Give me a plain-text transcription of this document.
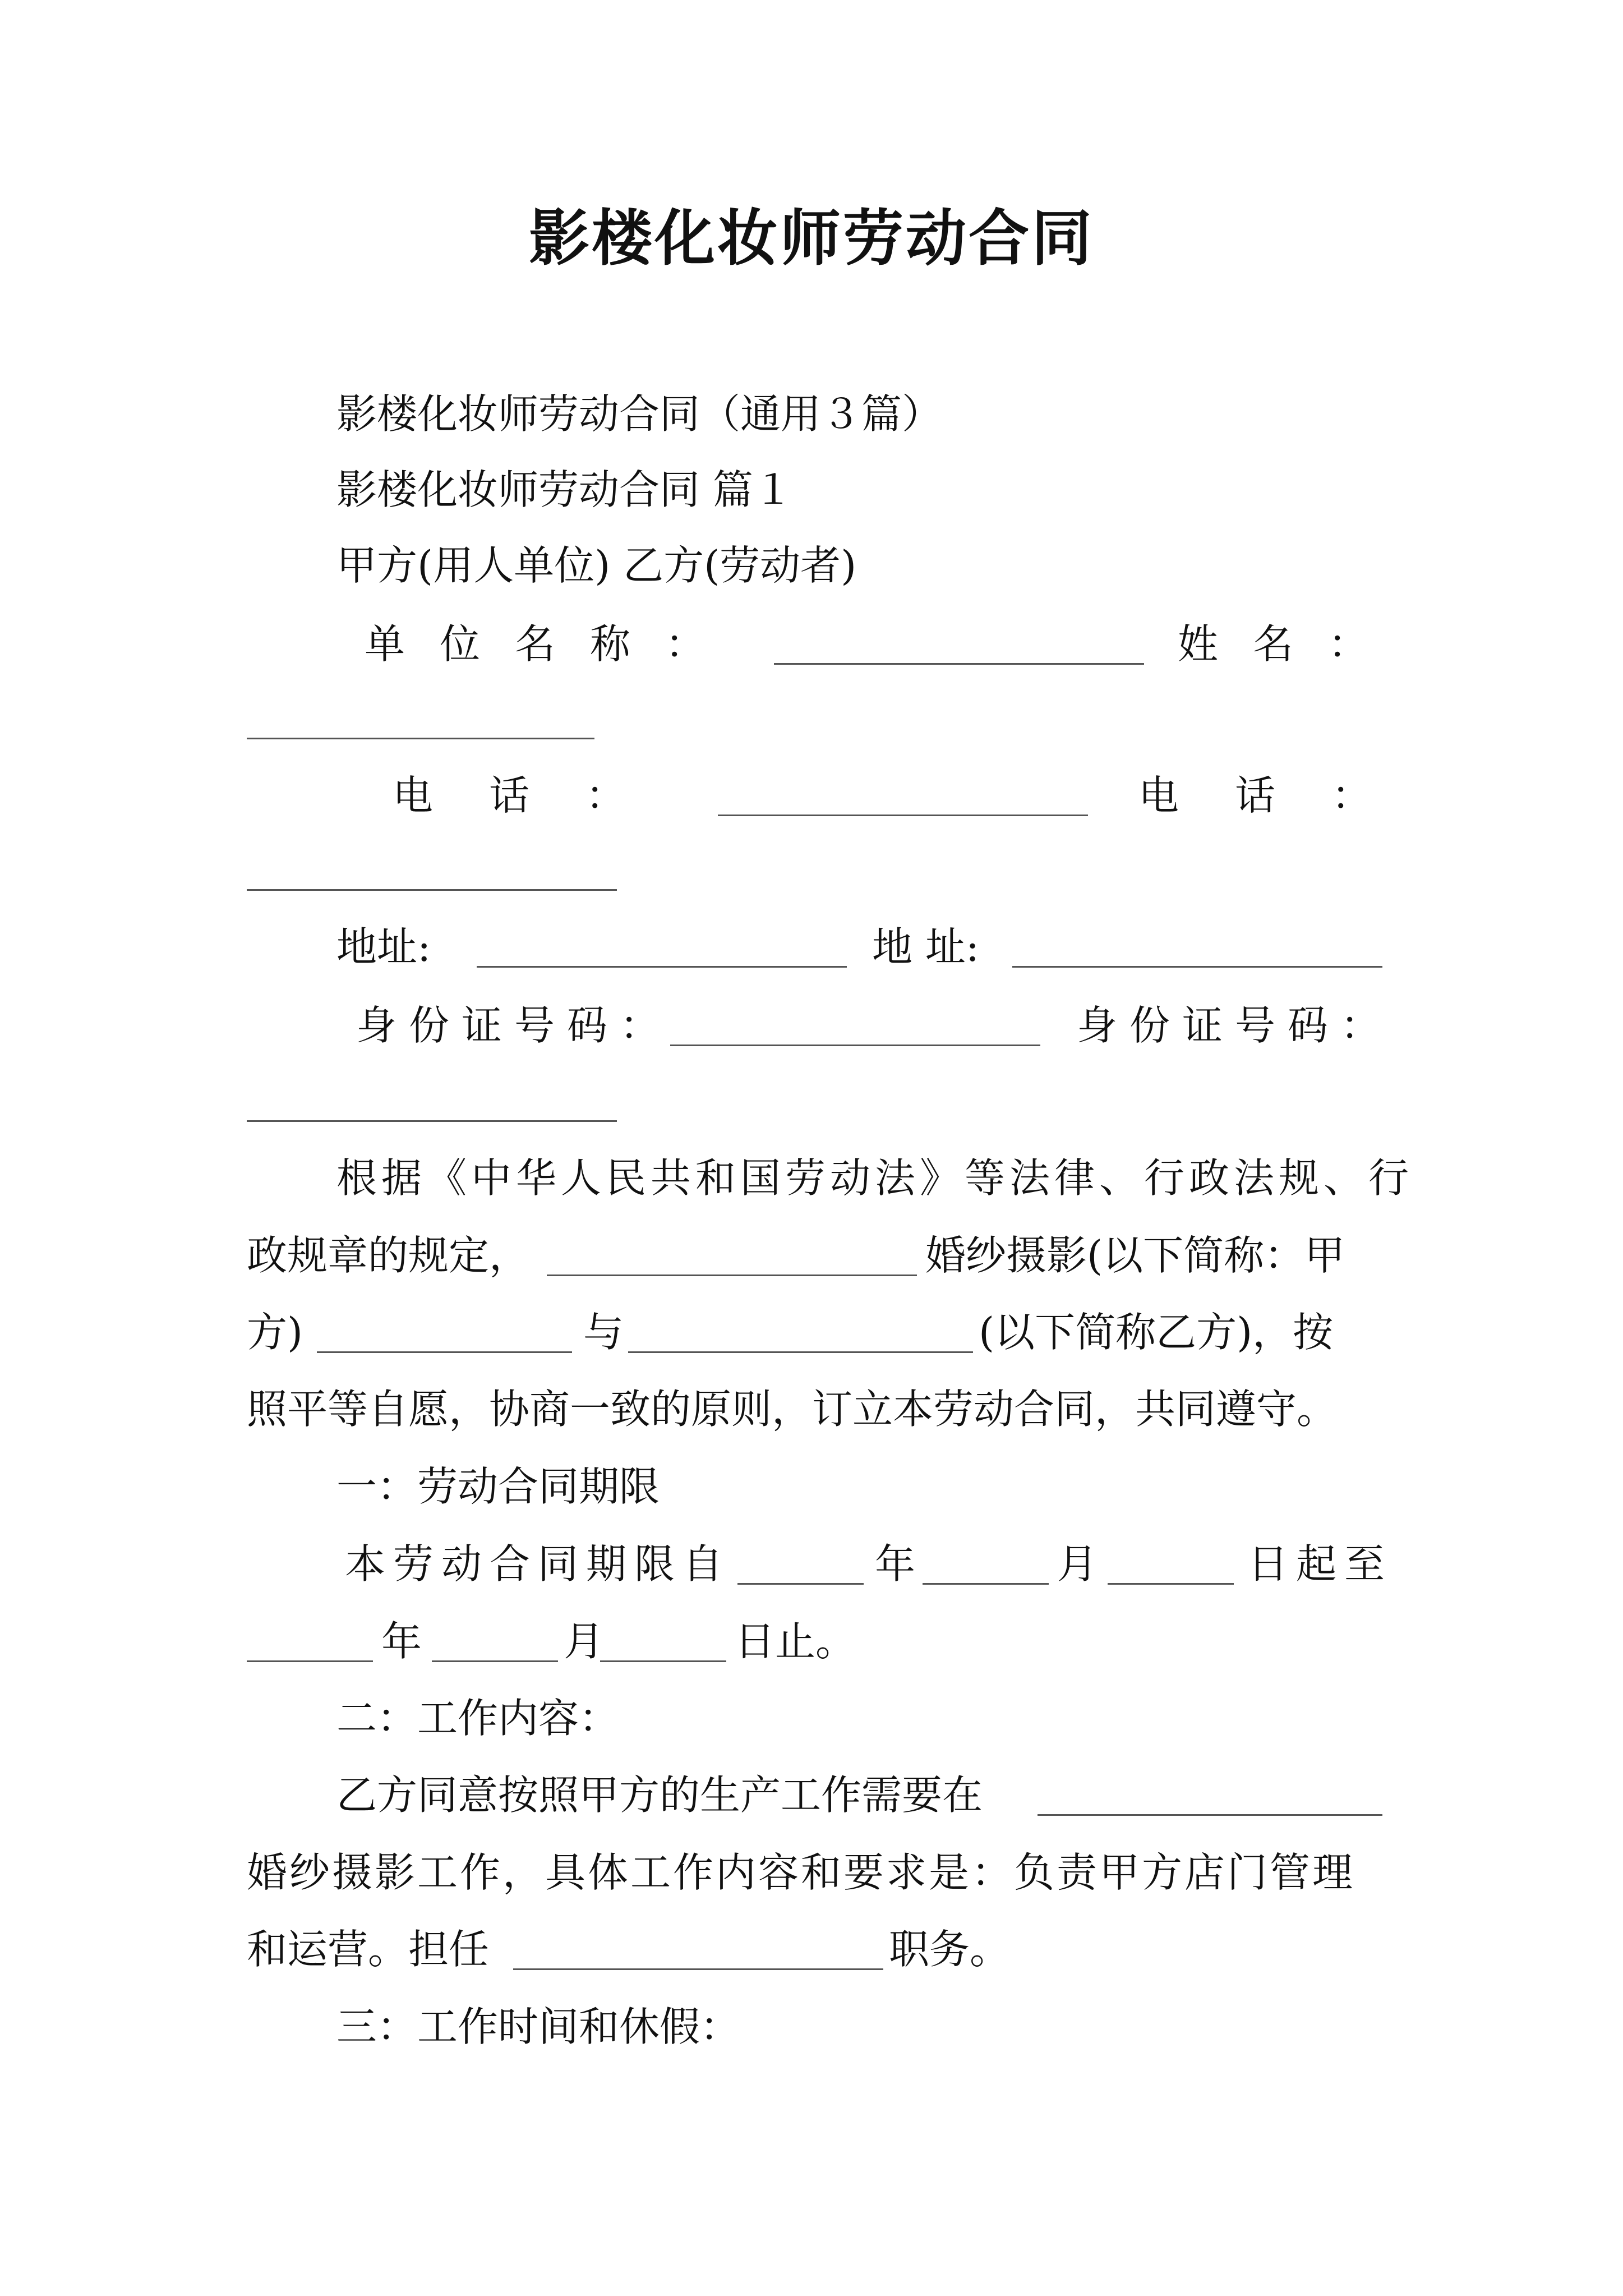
影楼化妆师劳动合同
影楼化妆师劳动合同（通用３篇）
影楼化妆师劳动合同 篇１
甲方(用人单位) 乙方(劳动者)
单位名称：	姓名：
电话：	电话：
地址:	地 址:
身份证号码：	身份证号码：
根据《中华人民共和国劳动法》等法律、行政法规、行
政规章的规定，	婚纱摄影(以下简称：甲
方)	与	(以下简称乙方)，按
照平等自愿，协商一致的原则，订立本劳动合同，共同遵守。
一：劳动合同期限
本劳动合同期限自	年	月	日起至
年	月	日止。
二：工作内容：
乙方同意按照甲方的生产工作需要在
婚纱摄影工作，具体工作内容和要求是：负责甲方店门管理
和运营。担任	职务。
三：工作时间和休假：
